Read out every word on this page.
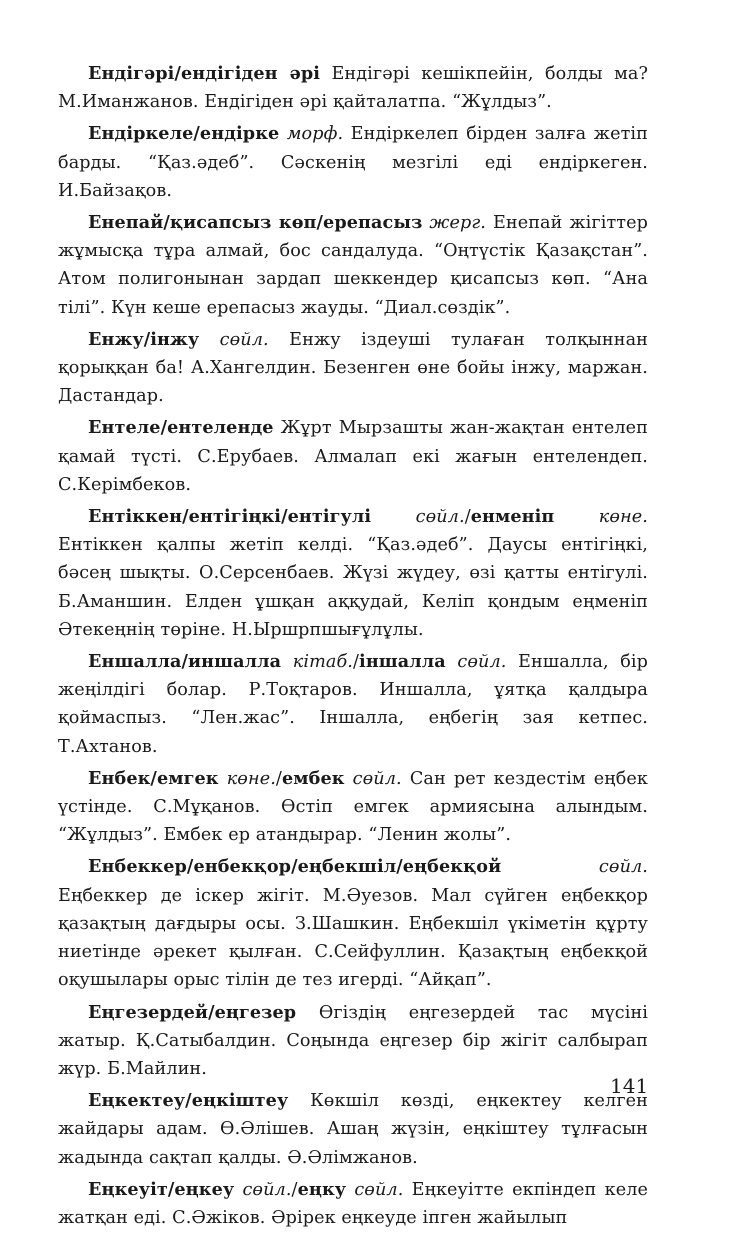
Ендігәрі/ендігіден әрі Ендігәрі кешікпейін, болды ма? М.Иманжанов. Ендігіден әрі қайталатпа. “Жұлдыз”.

Ендіркеле/ендірке морф. Ендіркелеп бірден залға жетіп барды. “Қаз.әдеб”. Сәскенің мезгілі еді ендіркеген. И.Байзақов.

Енепай/қисапсыз көп/ерепасыз жерг. Енепай жігіттер жұмысқа тұра алмай, бос сандалуда. “Оңтүстік Қазақстан”. Атом полигонынан зардап шеккендер қисапсыз көп. “Ана тілі”. Күн кеше ерепасыз жауды. “Диал.сөздік”.

Енжу/інжу сөйл. Енжу іздеуші тулаған толқыннан қорыққан ба! А.Хангелдин. Безенген өне бойы інжу, маржан. Дастандар.

Ентеле/ентеленде Жұрт Мырзашты жан-жақтан ентелеп қамай түсті. С.Ерубаев. Алмалап екі жағын ентелендеп. С.Керімбеков.

Ентіккен/ентігіңкі/ентігулі	сөйл./енменіп	көне. Ентіккен қалпы жетіп келді. “Қаз.әдеб”. Даусы ентігіңкі, бәсең шықты. О.Серсенбаев. Жүзі жүдеу, өзі қатты ентігулі. Б.Аманшин. Елден ұшқан аққудай, Келіп қондым еңменіп Әтекеңнің төріне. Н.Ыршрпшығұлұлы.

Еншалла/иншалла кітаб./іншалла сөйл. Еншалла, бір жеңілдігі болар. Р.Тоқтаров. Иншалла, ұятқа қалдыра қоймаспыз. “Лен.жас”. Іншалла, еңбегің зая кетпес. Т.Ахтанов.

Енбек/емгек көне./ембек сөйл. Сан рет кездестім еңбек үстінде. С.Мұқанов. Өстіп емгек армиясына алындым. “Жұлдыз”. Ембек ер атандырар. “Ленин жолы”.

Енбеккер/енбекқор/еңбекшіл/еңбекқой	сөйл. Еңбеккер де іскер жігіт. М.Әуезов. Мал сүйген еңбекқор қазақтың дағдыры осы. З.Шашкин. Еңбекшіл үкіметін құрту ниетінде әрекет қылған. С.Сейфуллин. Қазақтың еңбекқой оқушылары орыс тілін де тез игерді. “Айқап”.

Еңгезердей/еңгезер Өгіздің еңгезердей тас мүсіні жатыр. Қ.Сатыбалдин. Соңында еңгезер бір жігіт салбырап жүр. Б.Майлин.

Еңкектеу/еңкіштеу Көкшіл көзді, еңкектеу келген жайдары адам. Ө.Әлішев. Ашаң жүзін, еңкіштеу тұлғасын жадында сақтап қалды. Ә.Әлімжанов.

Еңкеуіт/еңкеу сөйл./еңку сөйл. Еңкеуітте екпіндеп келе жатқан еді. С.Әжіков. Әрірек еңкеуде іпген жайылып

141
